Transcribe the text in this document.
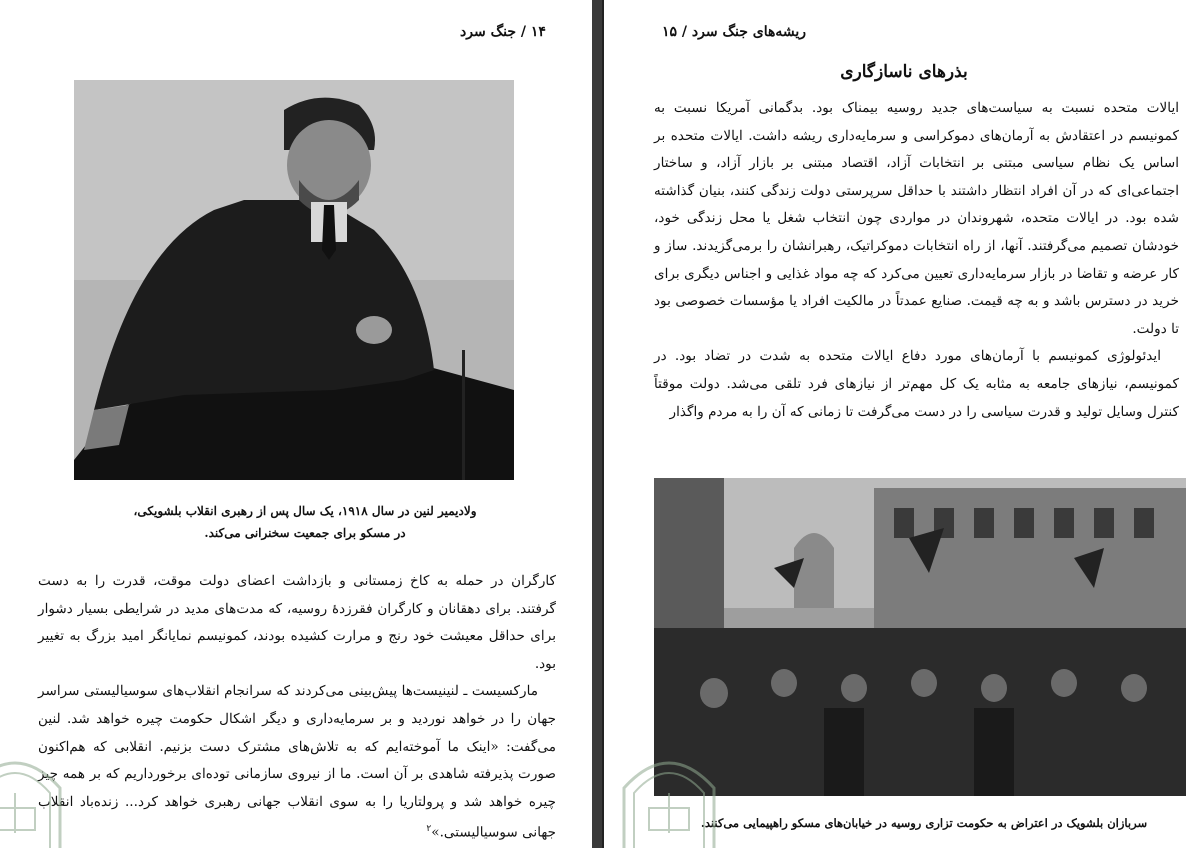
۱۴ / جنگ سرد
ولادیمیر لنین در سال ۱۹۱۸، یک سال پس از رهبری انقلاب بلشویکی،
در مسکو برای جمعیت سخنرانی می‌کند.

کارگران در حمله به کاخ زمستانی و بازداشت اعضای دولت موقت، قدرت را به دست گرفتند. برای دهقانان و کارگران فقرزدهٔ روسیه، که مدت‌های مدید در شرایطی بسیار دشوار برای حداقل معیشت خود رنج و مرارت کشیده بودند، کمونیسم نمایانگر امید بزرگ به تغییر بود.

مارکسیست ـ لنینیست‌ها پیش‌بینی می‌کردند که سرانجام انقلاب‌های سوسیالیستی سراسر جهان را در خواهد نوردید و بر سرمایه‌داری و دیگر اشکال حکومت چیره خواهد شد. لنین می‌گفت: «اینک ما آموخته‌ایم که به تلاش‌های مشترک دست بزنیم. انقلابی که هم‌اکنون صورت پذیرفته شاهدی بر آن است. ما از نیروی سازمانی توده‌ای برخورداریم که بر همه چیز چیره خواهد شد و پرولتاریا را به سوی انقلاب جهانی رهبری خواهد کرد... زنده‌باد انقلاب جهانی سوسیالیستی.»$^۲$

ریشه‌های جنگ سرد / ۱۵
بذرهای ناسازگاری

ایالات متحده نسبت به سیاست‌های جدید روسیه بیمناک بود. بدگمانی آمریکا نسبت به کمونیسم در اعتقادش به آرمان‌های دموکراسی و سرمایه‌داری ریشه داشت. ایالات متحده بر اساس یک نظام سیاسی مبتنی بر انتخابات آزاد، اقتصاد مبتنی بر بازار آزاد، و ساختار اجتماعی‌ای که در آن افراد انتظار داشتند با حداقل سرپرستی دولت زندگی کنند، بنیان گذاشته شده بود. در ایالات متحده، شهروندان در مواردی چون انتخاب شغل یا محل زندگی خود، خودشان تصمیم می‌گرفتند. آنها، از راه انتخابات دموکراتیک، رهبرانشان را برمی‌گزیدند. ساز و کار عرضه و تقاضا در بازار سرمایه‌داری تعیین می‌کرد که چه مواد غذایی و اجناس دیگری برای خرید در دسترس باشد و به چه قیمت. صنایع عمدتاً در مالکیت افراد یا مؤسسات خصوصی بود تا دولت.

ایدئولوژی کمونیسم با آرمان‌های مورد دفاع ایالات متحده به شدت در تضاد بود. در کمونیسم، نیازهای جامعه به مثابه یک کل مهم‌تر از نیازهای فرد تلقی می‌شد. دولت موقتاً کنترل وسایل تولید و قدرت سیاسی را در دست می‌گرفت تا زمانی که آن را به مردم واگذار

سربازان بلشویک در اعتراض به حکومت تزاری روسیه در خیابان‌های مسکو راهپیمایی می‌کنند.
